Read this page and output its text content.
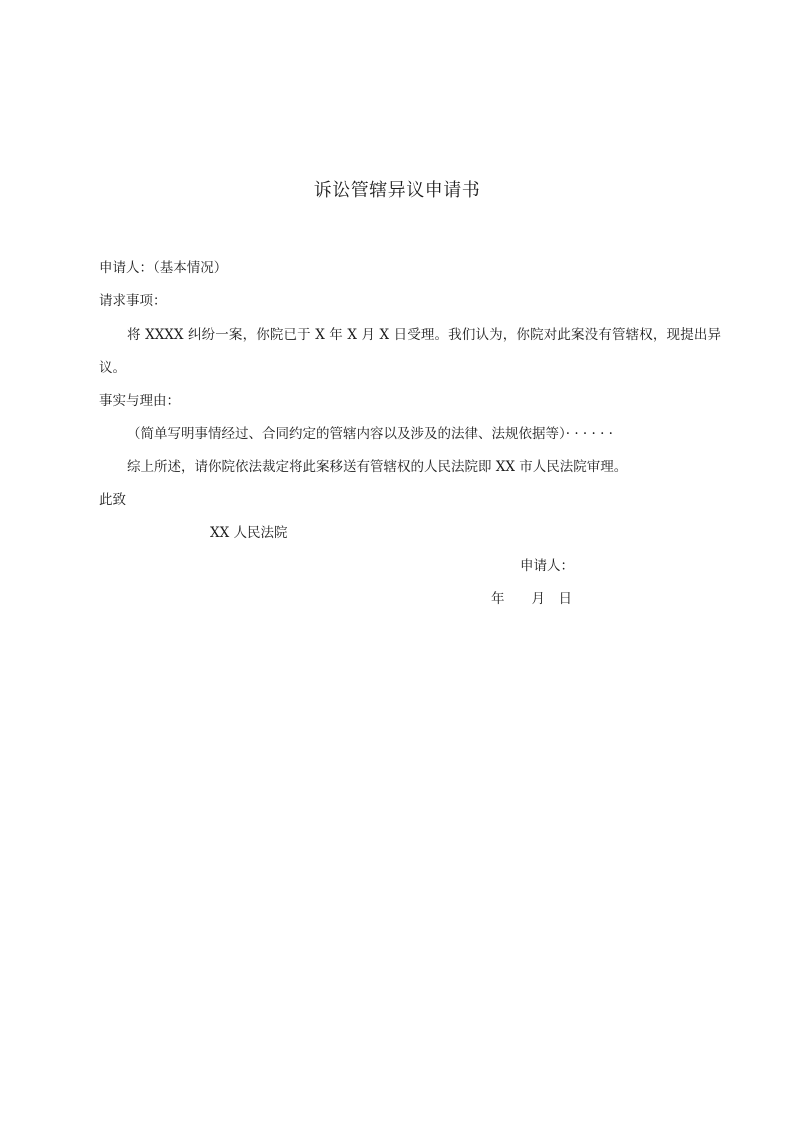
诉讼管辖异议申请书
申请人：（基本情况）
请求事项：
将 XXXX 纠纷一案，你院已于 X 年 X 月 X 日受理。我们认为，你院对此案没有管辖权，现提出异
议。
事实与理由：
（简单写明事情经过、合同约定的管辖内容以及涉及的法律、法规依据等）· · · · · ·
综上所述，请你院依法裁定将此案移送有管辖权的人民法院即 XX 市人民法院审理。
此致
XX 人民法院
申请人：
年　　月　日
